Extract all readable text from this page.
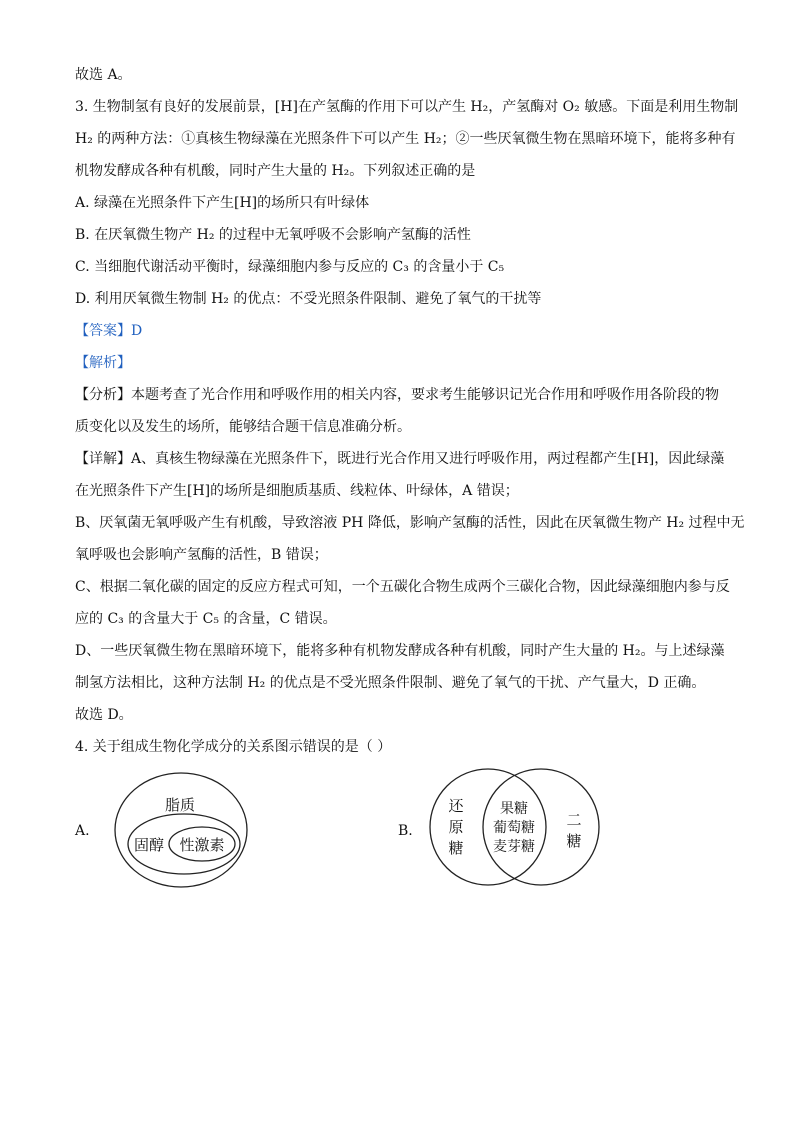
故选 A。
3. 生物制氢有良好的发展前景，[H]在产氢酶的作用下可以产生 H₂，产氢酶对 O₂ 敏感。下面是利用生物制
H₂ 的两种方法：①真核生物绿藻在光照条件下可以产生 H₂；②一些厌氧微生物在黑暗环境下，能将多种有
机物发酵成各种有机酸，同时产生大量的 H₂。下列叙述正确的是
A. 绿藻在光照条件下产生[H]的场所只有叶绿体
B. 在厌氧微生物产 H₂ 的过程中无氧呼吸不会影响产氢酶的活性
C. 当细胞代谢活动平衡时，绿藻细胞内参与反应的 C₃ 的含量小于 C₅
D. 利用厌氧微生物制 H₂ 的优点：不受光照条件限制、避免了氧气的干扰等
【答案】D
【解析】
【分析】本题考查了光合作用和呼吸作用的相关内容，要求考生能够识记光合作用和呼吸作用各阶段的物
质变化以及发生的场所，能够结合题干信息准确分析。
【详解】A、真核生物绿藻在光照条件下，既进行光合作用又进行呼吸作用，两过程都产生[H]，因此绿藻
在光照条件下产生[H]的场所是细胞质基质、线粒体、叶绿体，A 错误；
B、厌氧菌无氧呼吸产生有机酸，导致溶液 PH 降低，影响产氢酶的活性，因此在厌氧微生物产 H₂ 过程中无
氧呼吸也会影响产氢酶的活性，B 错误；
C、根据二氧化碳的固定的反应方程式可知，一个五碳化合物生成两个三碳化合物，因此绿藻细胞内参与反
应的 C₃ 的含量大于 C₅ 的含量，C 错误。
D、一些厌氧微生物在黑暗环境下，能将多种有机物发酵成各种有机酸，同时产生大量的 H₂。与上述绿藻
制氢方法相比，这种方法制 H₂ 的优点是不受光照条件限制、避免了氧气的干扰、产气量大，D 正确。
故选 D。
4. 关于组成生物化学成分的关系图示错误的是（ ）
A.
脂质
固醇 性激素
B.
还
原
糖
果糖
葡萄糖
麦芽糖
二
糖
